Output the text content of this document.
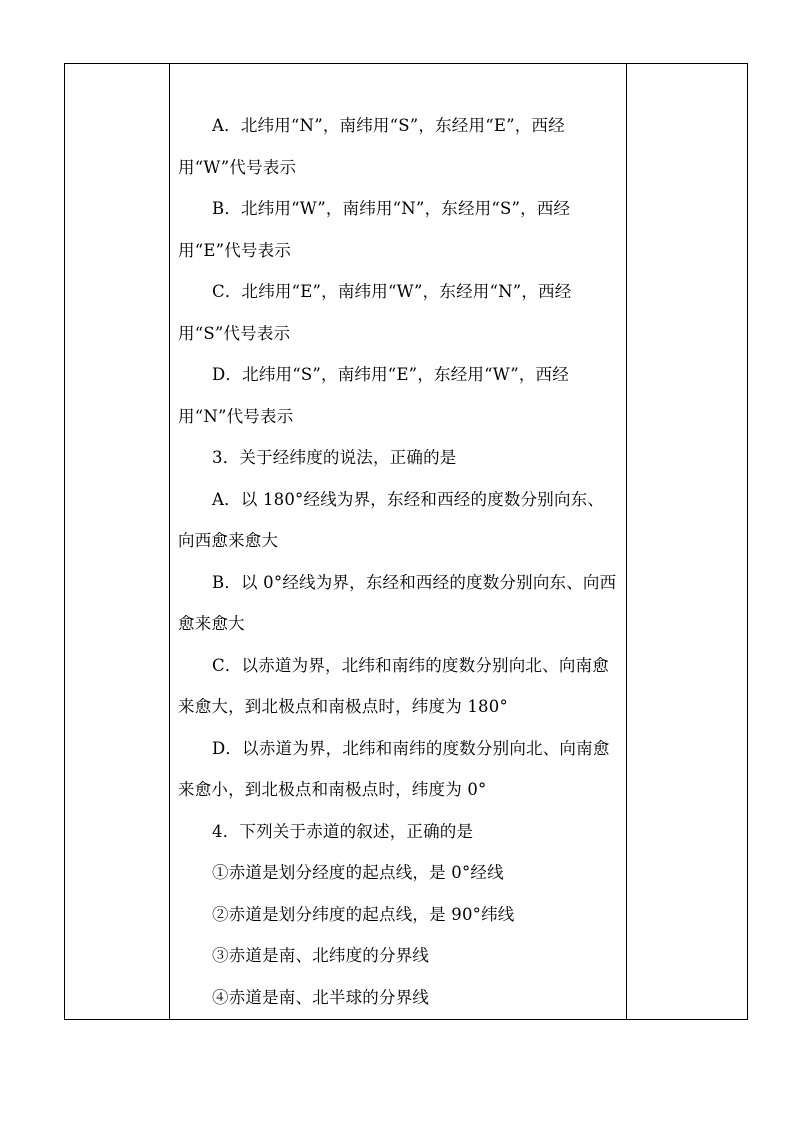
A．北纬用“N”，南纬用“S”，东经用“E”，西经用“W”代号表示

B．北纬用“W”，南纬用“N”，东经用“S”，西经用“E”代号表示

C．北纬用“E”，南纬用“W”，东经用“N”，西经用“S”代号表示

D．北纬用“S”，南纬用“E”，东经用“W”，西经用“N”代号表示

3．关于经纬度的说法，正确的是

A．以 180°经线为界，东经和西经的度数分别向东、向西愈来愈大

B．以 0°经线为界，东经和西经的度数分别向东、向西愈来愈大

C．以赤道为界，北纬和南纬的度数分别向北、向南愈来愈大，到北极点和南极点时，纬度为 180°

D．以赤道为界，北纬和南纬的度数分别向北、向南愈来愈小，到北极点和南极点时，纬度为 0°

4．下列关于赤道的叙述，正确的是

①赤道是划分经度的起点线，是 0°经线

②赤道是划分纬度的起点线，是 90°纬线

③赤道是南、北纬度的分界线

④赤道是南、北半球的分界线
